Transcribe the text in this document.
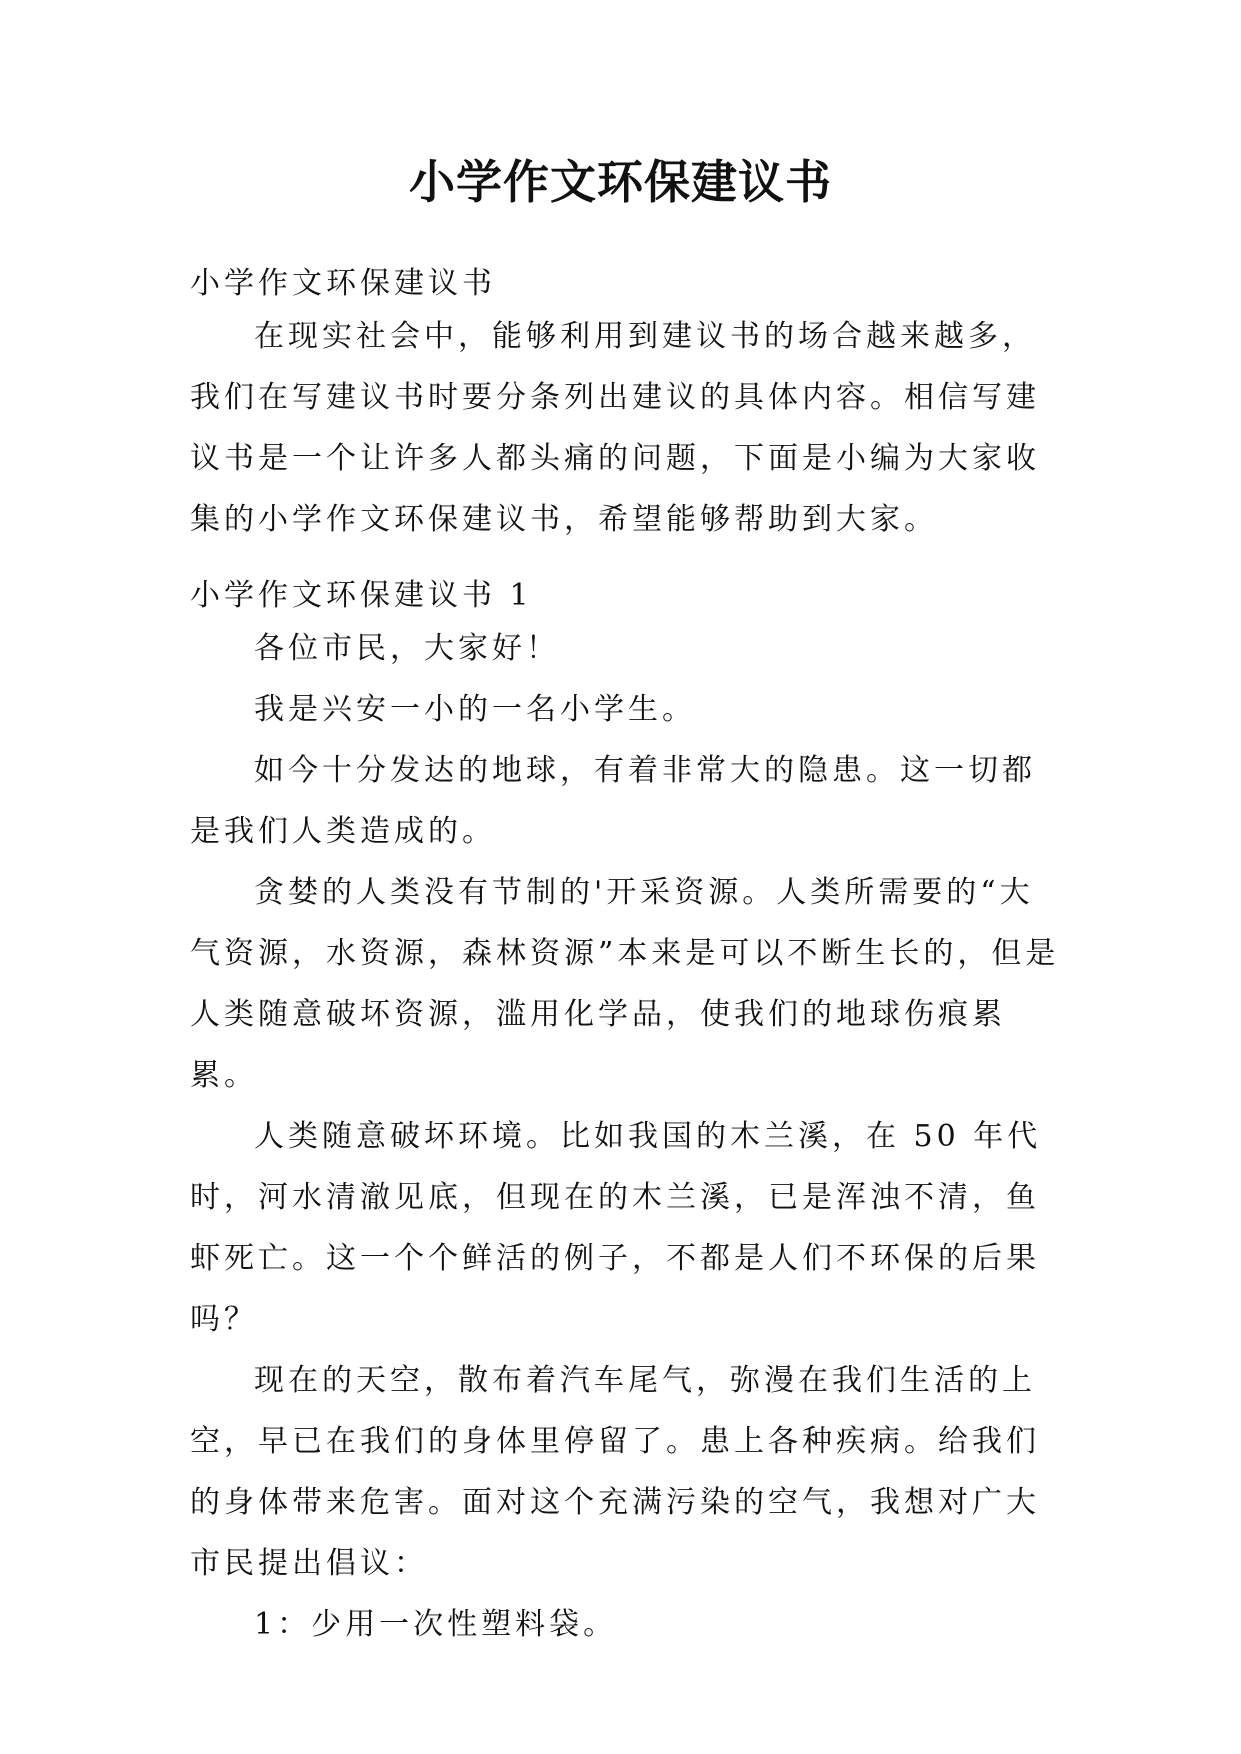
小学作文环保建议书
小学作文环保建议书

在现实社会中，能够利用到建议书的场合越来越多，我们在写建议书时要分条列出建议的具体内容。相信写建议书是一个让许多人都头痛的问题，下面是小编为大家收集的小学作文环保建议书，希望能够帮助到大家。

小学作文环保建议书 1

各位市民，大家好！

我是兴安一小的一名小学生。

如今十分发达的地球，有着非常大的隐患。这一切都是我们人类造成的。

贪婪的人类没有节制的'开采资源。人类所需要的“大气资源，水资源，森林资源”本来是可以不断生长的，但是人类随意破坏资源，滥用化学品，使我们的地球伤痕累累。

人类随意破坏环境。比如我国的木兰溪，在 50 年代时，河水清澈见底，但现在的木兰溪，已是浑浊不清，鱼虾死亡。这一个个鲜活的例子，不都是人们不环保的后果吗？

现在的天空，散布着汽车尾气，弥漫在我们生活的上空，早已在我们的身体里停留了。患上各种疾病。给我们的身体带来危害。面对这个充满污染的空气，我想对广大市民提出倡议：

1：少用一次性塑料袋。
